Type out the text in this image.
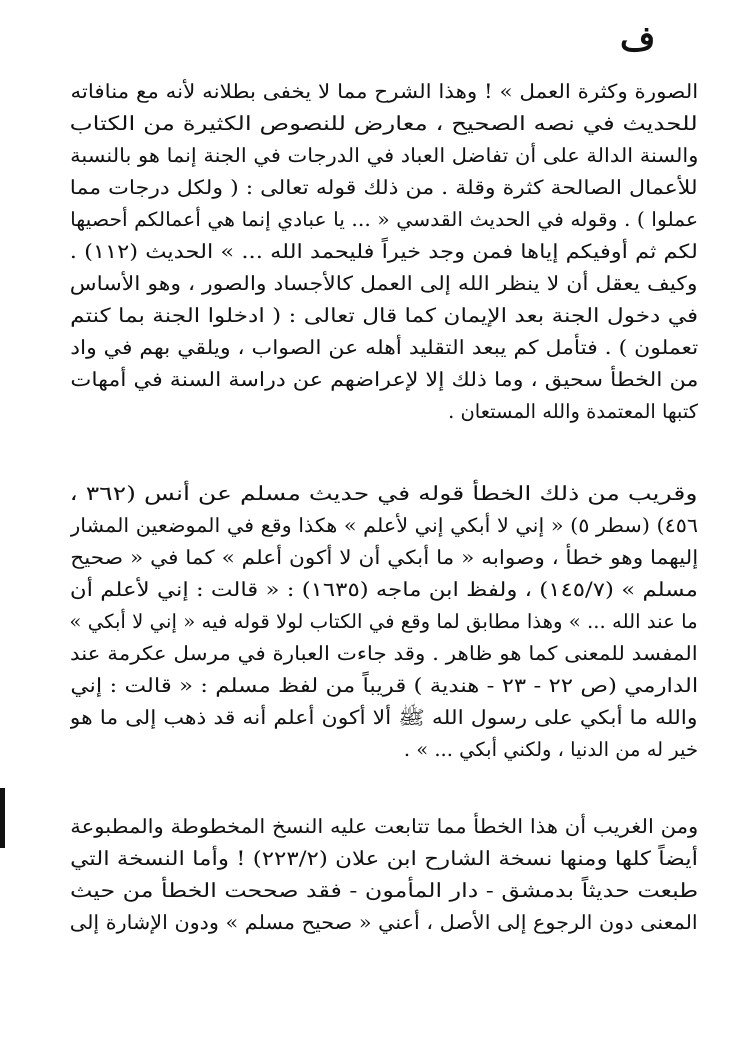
ف
الصورة وكثرة العمل » ! وهذا الشرح مما لا يخفى بطلانه لأنه مع منافاته
للحديث في نصه الصحيح ، معارض للنصوص الكثيرة من الكتاب
والسنة الدالة على أن تفاضل العباد في الدرجات في الجنة إنما هو بالنسبة
للأعمال الصالحة كثرة وقلة . من ذلك قوله تعالى : ( ولكل درجات مما
عملوا ) . وقوله في الحديث القدسي « ... يا عبادي إنما هي أعمالكم أحصيها
لكم ثم أوفيكم إياها فمن وجد خيراً فليحمد الله ... » الحديث (١١٢) .
وكيف يعقل أن لا ينظر الله إلى العمل كالأجساد والصور ، وهو الأساس
في دخول الجنة بعد الإيمان كما قال تعالى : ( ادخلوا الجنة بما كنتم
تعملون ) . فتأمل كم يبعد التقليد أهله عن الصواب ، ويلقي بهم في واد
من الخطأ سحيق ، وما ذلك إلا لإعراضهم عن دراسة السنة في أمهات
كتبها المعتمدة والله المستعان .
وقريب من ذلك الخطأ قوله في حديث مسلم عن أنس (٣٦٢ ،
٤٥٦) (سطر ٥) « إني لا أبكي إني لأعلم » هكذا وقع في الموضعين المشار
إليهما وهو خطأ ، وصوابه « ما أبكي أن لا أكون أعلم » كما في « صحيح
مسلم » (١٤٥/٧) ، ولفظ ابن ماجه (١٦٣٥) : « قالت : إني لأعلم أن
ما عند الله ... » وهذا مطابق لما وقع في الكتاب لولا قوله فيه « إني لا أبكي »
المفسد للمعنى كما هو ظاهر . وقد جاءت العبارة في مرسل عكرمة عند
الدارمي (ص ٢٢ - ٢٣ - هندية ) قريباً من لفظ مسلم : « قالت : إني
والله ما أبكي على رسول الله ﷺ ألا أكون أعلم أنه قد ذهب إلى ما هو
خير له من الدنيا ، ولكني أبكي ... » .
ومن الغريب أن هذا الخطأ مما تتابعت عليه النسخ المخطوطة والمطبوعة
أيضاً كلها ومنها نسخة الشارح ابن علان (٢٢٣/٢) ! وأما النسخة التي
طبعت حديثاً بدمشق - دار المأمون - فقد صححت الخطأ من حيث
المعنى دون الرجوع إلى الأصل ، أعني « صحيح مسلم » ودون الإشارة إلى
